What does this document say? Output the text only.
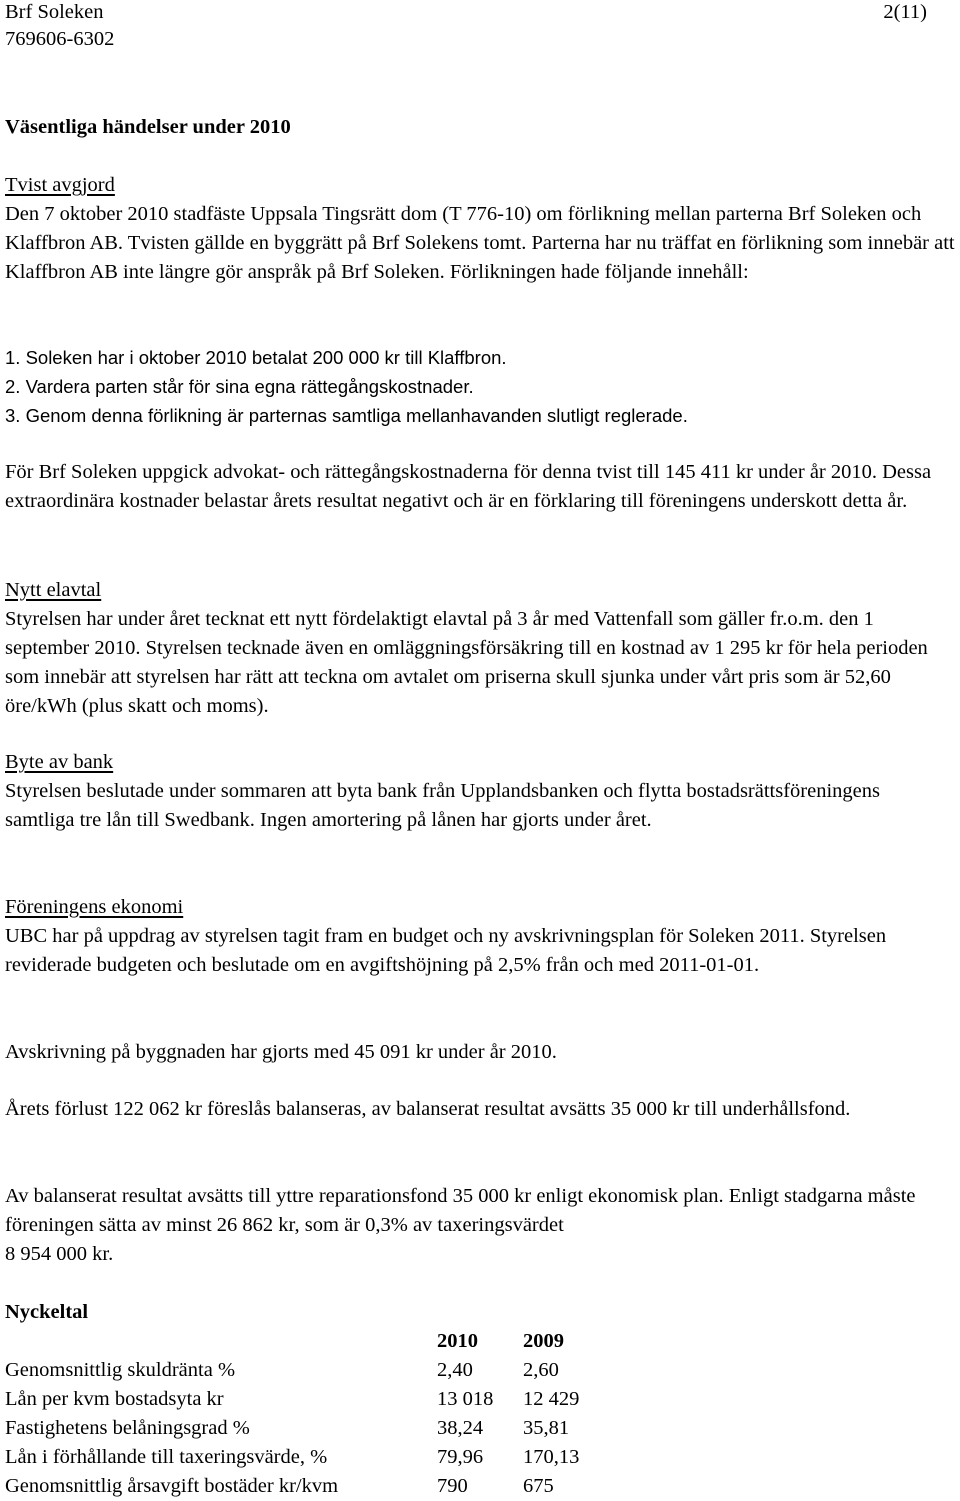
Brf Soleken
769606-6302
2(11)
Väsentliga händelser under 2010

Tvist avgjord

Den 7 oktober 2010 stadfäste Uppsala Tingsrätt dom (T 776-10) om förlikning mellan parterna Brf Soleken och Klaffbron AB. Tvisten gällde en byggrätt på Brf Solekens tomt. Parterna har nu träffat en förlikning som innebär att Klaffbron AB inte längre gör anspråk på Brf Soleken. Förlikningen hade följande innehåll:

1. Soleken har i oktober 2010 betalat 200 000 kr till Klaffbron.

2. Vardera parten står för sina egna rättegångskostnader.

3. Genom denna förlikning är parternas samtliga mellanhavanden slutligt reglerade.

För Brf Soleken uppgick advokat- och rättegångskostnaderna för denna tvist till 145 411 kr under år 2010. Dessa extraordinära kostnader belastar årets resultat negativt och är en förklaring till föreningens underskott detta år.

Nytt elavtal

Styrelsen har under året tecknat ett nytt fördelaktigt elavtal på 3 år med Vattenfall som gäller fr.o.m. den 1 september 2010. Styrelsen tecknade även en omläggningsförsäkring till en kostnad av 1 295 kr för hela perioden som innebär att styrelsen har rätt att teckna om avtalet om priserna skull sjunka under vårt pris som är 52,60 öre/kWh (plus skatt och moms).

Byte av bank

Styrelsen beslutade under sommaren att byta bank från Upplandsbanken och flytta bostadsrättsföreningens samtliga tre lån till Swedbank. Ingen amortering på lånen har gjorts under året.

Föreningens ekonomi

UBC har på uppdrag av styrelsen tagit fram en budget och ny avskrivningsplan för Soleken 2011. Styrelsen reviderade budgeten och beslutade om en avgiftshöjning på 2,5% från och med 2011-01-01.

Avskrivning på byggnaden har gjorts med 45 091 kr under år 2010.
Årets förlust 122 062 kr föreslås balanseras, av balanserat resultat avsätts 35 000 kr till underhållsfond.

Av balanserat resultat avsätts till yttre reparationsfond 35 000 kr enligt ekonomisk plan. Enligt stadgarna måste föreningen sätta av minst 26 862 kr, som är 0,3% av taxeringsvärdet

8 954 000 kr.

Nyckeltal
	2010	2009
Genomsnittlig skuldränta %	2,40	2,60
Lån per kvm bostadsyta kr	13 018	12 429
Fastighetens belåningsgrad %	38,24	35,81
Lån i förhållande till taxeringsvärde, %	79,96	170,13
Genomsnittlig årsavgift bostäder kr/kvm	790	675
